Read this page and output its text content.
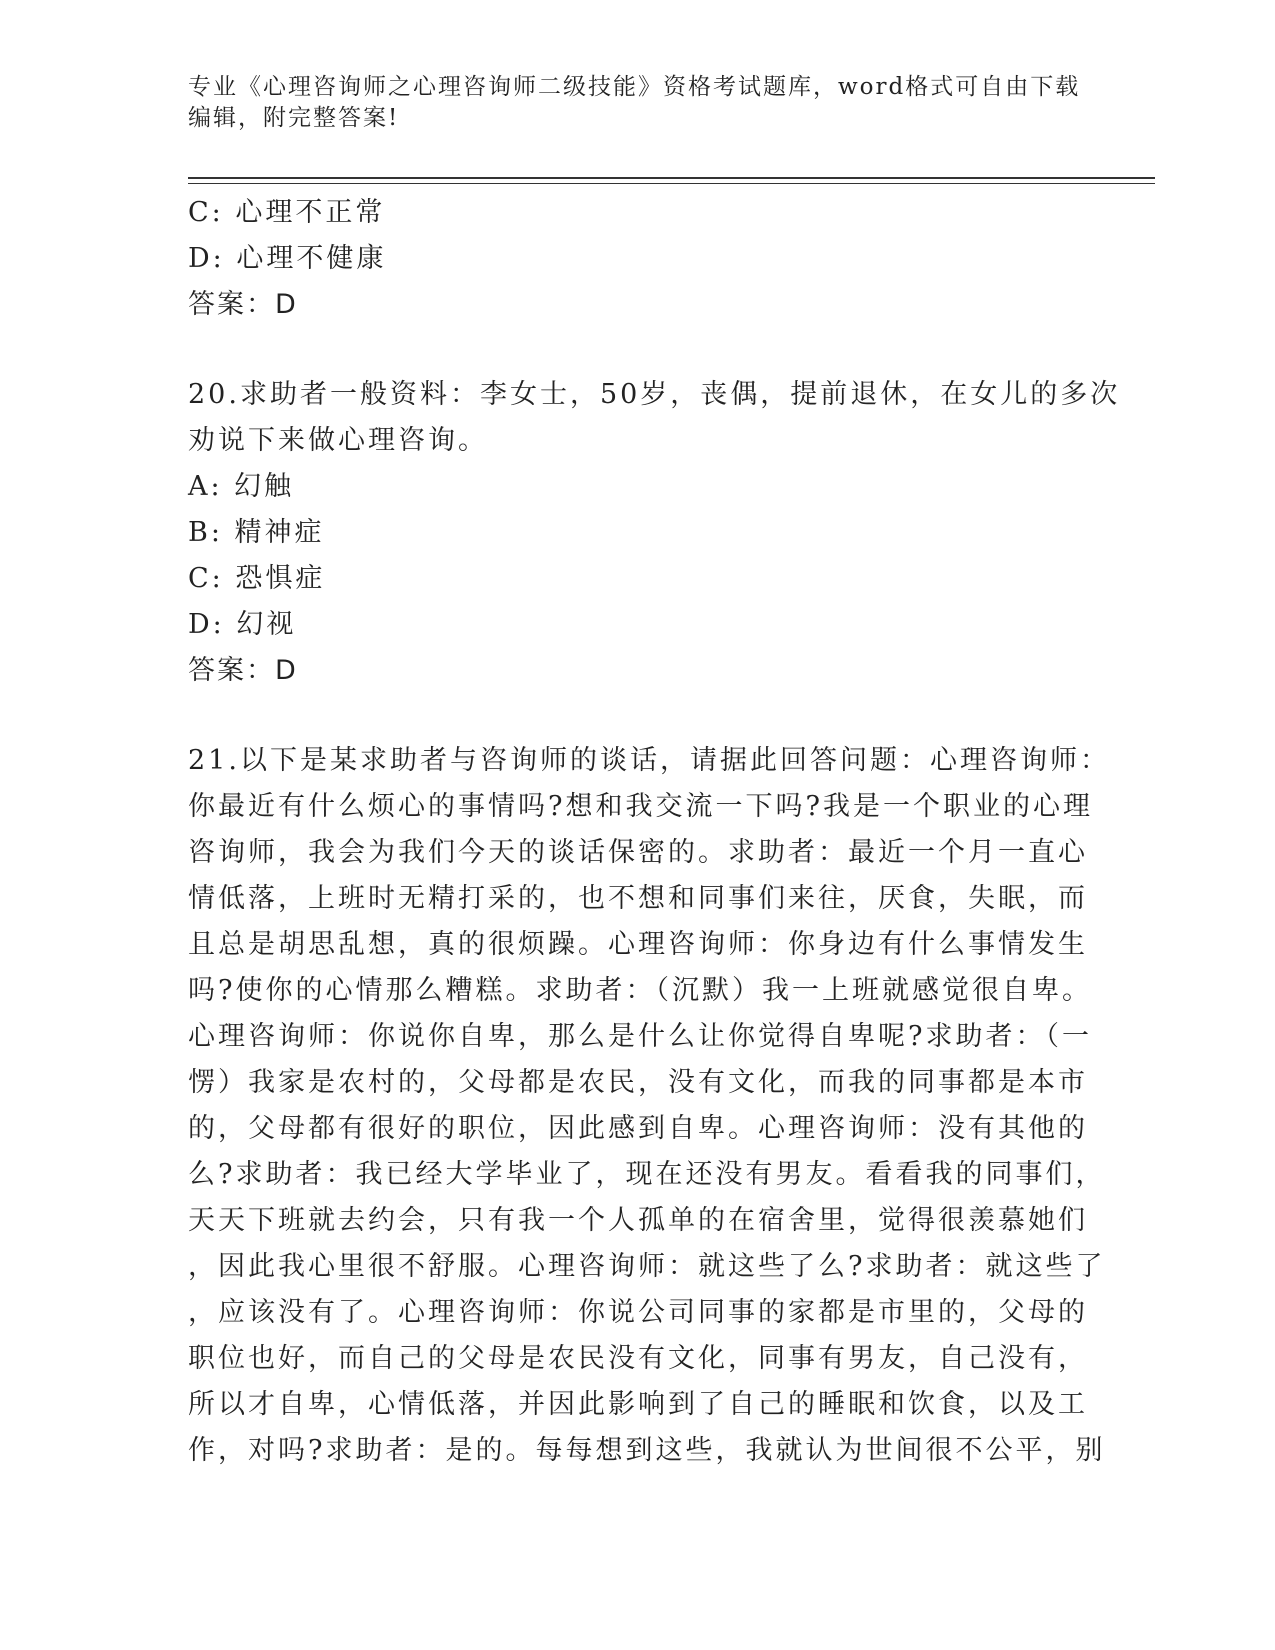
专业《心理咨询师之心理咨询师二级技能》资格考试题库，word格式可自由下载
编辑，附完整答案!
C: 心理不正常
D: 心理不健康
答案：D
20.求助者一般资料：李女士，50岁，丧偶，提前退休，在女儿的多次
劝说下来做心理咨询。
A: 幻触
B: 精神症
C: 恐惧症
D: 幻视
答案：D
21.以下是某求助者与咨询师的谈话，请据此回答问题：心理咨询师：
你最近有什么烦心的事情吗?想和我交流一下吗?我是一个职业的心理
咨询师，我会为我们今天的谈话保密的。求助者：最近一个月一直心
情低落，上班时无精打采的，也不想和同事们来往，厌食，失眠，而
且总是胡思乱想，真的很烦躁。心理咨询师：你身边有什么事情发生
吗?使你的心情那么糟糕。求助者：（沉默）我一上班就感觉很自卑。
心理咨询师：你说你自卑，那么是什么让你觉得自卑呢?求助者：（一
愣）我家是农村的，父母都是农民，没有文化，而我的同事都是本市
的，父母都有很好的职位，因此感到自卑。心理咨询师：没有其他的
么?求助者：我已经大学毕业了，现在还没有男友。看看我的同事们，
天天下班就去约会，只有我一个人孤单的在宿舍里，觉得很羡慕她们
，因此我心里很不舒服。心理咨询师：就这些了么?求助者：就这些了
，应该没有了。心理咨询师：你说公司同事的家都是市里的，父母的
职位也好，而自己的父母是农民没有文化，同事有男友，自己没有，
所以才自卑，心情低落，并因此影响到了自己的睡眠和饮食，以及工
作，对吗?求助者：是的。每每想到这些，我就认为世间很不公平，别
